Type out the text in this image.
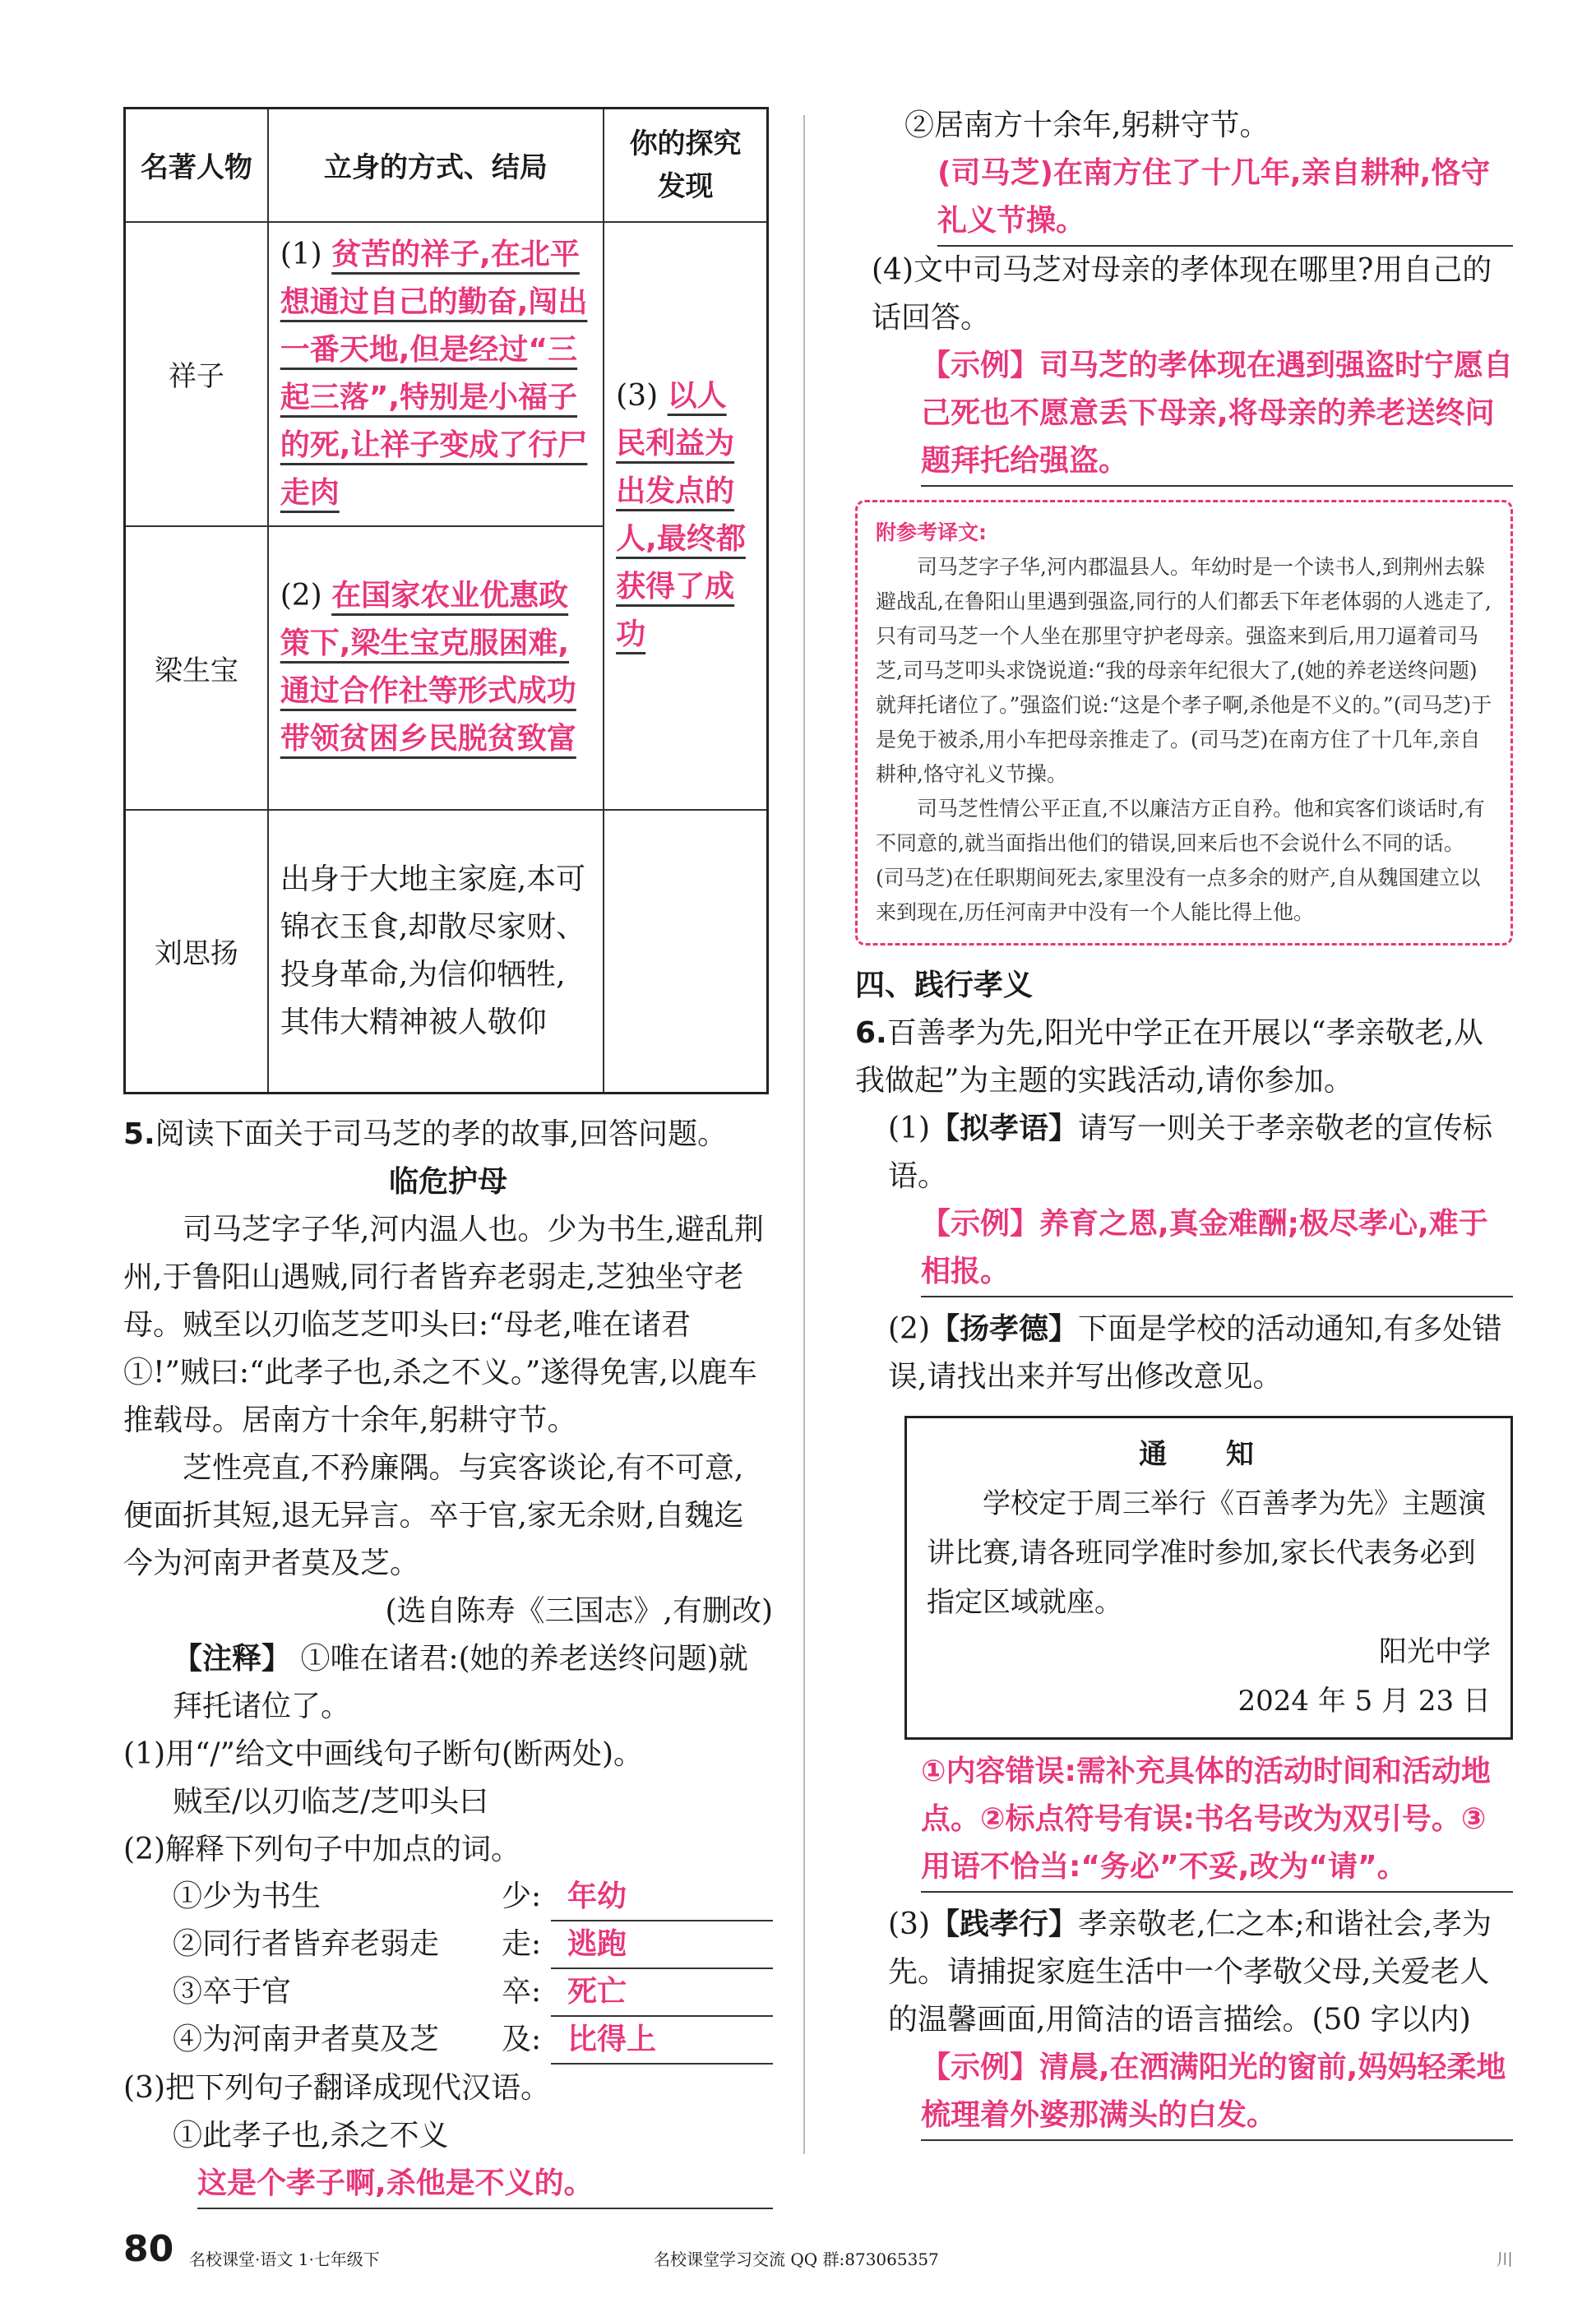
名著人物	立身的方式、结局	你的探究发现
祥子	(1) 贫苦的祥子,在北平想通过自己的勤奋,闯出一番天地,但是经过“三起三落”,特别是小福子的死,让祥子变成了行尸走肉	(3) 以人民利益为出发点的人,最终都获得了成功

梁生宝	(2) 在国家农业优惠政策下,梁生宝克服困难,通过合作社等形式成功带领贫困乡民脱贫致富	

刘思扬	出身于大地主家庭,本可锦衣玉食,却散尽家财、投身革命,为信仰牺牲,其伟大精神被人敬仰	

5.阅读下面关于司马芝的孝的故事,回答问题。
临危护母
司马芝字子华,河内温人也。少为书生,避乱荆州,于鲁阳山遇贼,同行者皆弃老弱走,芝独坐守老母。贼至以刃临芝芝叩头曰:“母老,唯在诸君①!”贼曰:“此孝子也,杀之不义。”遂得免害,以鹿车推载母。居南方十余年,躬耕守节。
芝性亮直,不矜廉隅。与宾客谈论,有不可意,便面折其短,退无异言。卒于官,家无余财,自魏迄今为河南尹者莫及芝。
(选自陈寿《三国志》,有删改)
【注释】 ①唯在诸君:(她的养老送终问题)就拜托诸位了。
(1)用“/”给文中画线句子断句(断两处)。
贼至/以刃临芝/芝叩头曰
(2)解释下列句子中加点的词。
①少为书生	少: 年幼
②同行者皆弃老弱走	走: 逃跑
③卒于官	卒: 死亡
④为河南尹者莫及芝	及: 比得上
(3)把下列句子翻译成现代汉语。
①此孝子也,杀之不义
这是个孝子啊,杀他是不义的。
②居南方十余年,躬耕守节。
(司马芝)在南方住了十几年,亲自耕种,恪守礼义节操。
(4)文中司马芝对母亲的孝体现在哪里?用自己的话回答。
【示例】司马芝的孝体现在遇到强盗时宁愿自己死也不愿意丢下母亲,将母亲的养老送终问题拜托给强盗。
附参考译文:
司马芝字子华,河内郡温县人。年幼时是一个读书人,到荆州去躲避战乱,在鲁阳山里遇到强盗,同行的人们都丢下年老体弱的人逃走了,只有司马芝一个人坐在那里守护老母亲。强盗来到后,用刀逼着司马芝,司马芝叩头求饶说道:“我的母亲年纪很大了,(她的养老送终问题)就拜托诸位了。”强盗们说:“这是个孝子啊,杀他是不义的。”(司马芝)于是免于被杀,用小车把母亲推走了。(司马芝)在南方住了十几年,亲自耕种,恪守礼义节操。
司马芝性情公平正直,不以廉洁方正自矜。他和宾客们谈话时,有不同意的,就当面指出他们的错误,回来后也不会说什么不同的话。(司马芝)在任职期间死去,家里没有一点多余的财产,自从魏国建立以来到现在,历任河南尹中没有一个人能比得上他。
四、践行孝义
6.百善孝为先,阳光中学正在开展以“孝亲敬老,从我做起”为主题的实践活动,请你参加。
(1)【拟孝语】请写一则关于孝亲敬老的宣传标语。
【示例】养育之恩,真金难酬;极尽孝心,难于相报。
(2)【扬孝德】下面是学校的活动通知,有多处错误,请找出来并写出修改意见。
通 知
学校定于周三举行《百善孝为先》主题演讲比赛,请各班同学准时参加,家长代表务必到指定区域就座。
阳光中学
2024 年 5 月 23 日
①内容错误:需补充具体的活动时间和活动地点。②标点符号有误:书名号改为双引号。③用语不恰当:“务必”不妥,改为“请”。
(3)【践孝行】孝亲敬老,仁之本;和谐社会,孝为先。请捕捉家庭生活中一个孝敬父母,关爱老人的温馨画面,用简洁的语言描绘。(50 字以内)
【示例】清晨,在洒满阳光的窗前,妈妈轻柔地梳理着外婆那满头的白发。
80 名校课堂·语文 1·七年级下	名校课堂学习交流 QQ 群:873065357	川
